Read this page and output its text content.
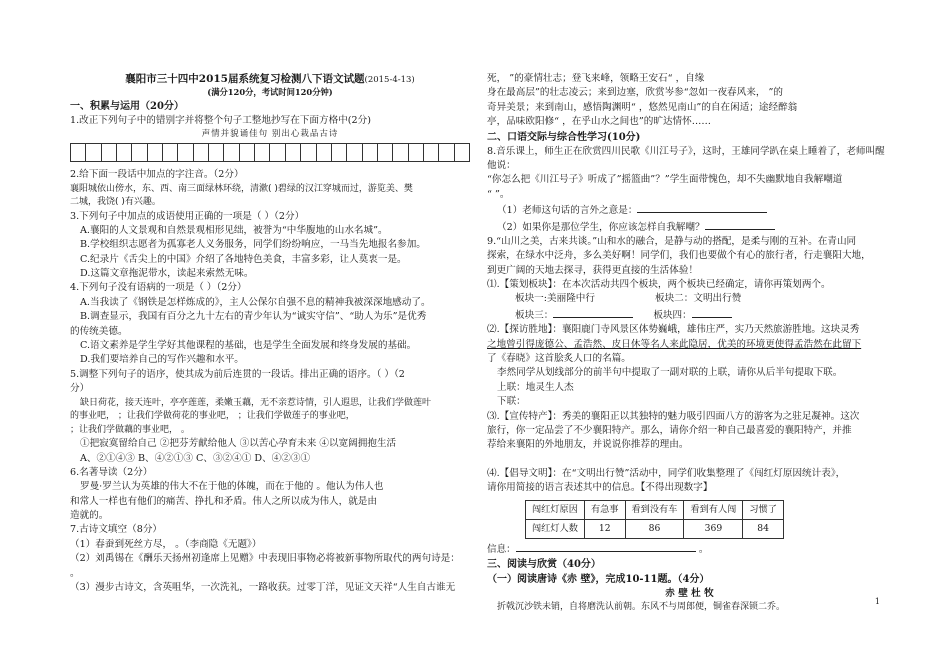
襄阳市三十四中2015届系统复习检测八下语文试题(2015-4-13)
(满分120分，考试时间120分钟)
一、积累与运用（20分）
1.改正下列句子中的错别字并将整个句子工整地抄写在下面方格中(2分)
声情并貌诵佳句 别出心栽品古诗
2.给下面一段话中加点的字注音。（2分）
襄阳城依山傍水，东、西、南三面绿林环绕，清漱( )碧绿的汉江穿城而过，游览美、樊
二城，我饶( )有兴趣。
3.下列句子中加点的成语使用正确的一项是（ ）（2分）
A.襄阳的人文景观和自然景观相形见绌，被誉为“中华腹地的山水名城”。
B.学校组织志愿者为孤寡老人义务服务，同学们纷纷响应，一马当先地报名参加。
C.纪录片《舌尖上的中国》介绍了各地特色美食，丰富多彩，让人莫衷一是。
D.这篇文章拖泥带水，读起来索然无味。
4.下列句子没有语病的一项是（ ）（2分）
A.当我读了《钢铁是怎样炼成的》，主人公保尔自强不息的精神我被深深地感动了。
B.调查显示，我国有百分之九十左右的青少年认为“诚实守信”、“助人为乐”是优秀
的传统美德。
C.语文素养是学生学好其他课程的基础，也是学生全面发展和终身发展的基础。
D.我们要培养自己的写作兴趣和水平。
5.调整下列句子的语序，使其成为前后连贯的一段话。排出正确的语序。（ ）（2
分）
缺日荷花，接天连叶，亭亭莲莲，柔嫩玉藕，无不亲惹诗情，引人遐思，让我们学做莲叶
的事业吧， ；让我们学做荷花的事业吧， ；让我们学做莲子的事业吧，
；让我们学做藕的事业吧， 。
①把寂寞留给自己 ②把芬芳献给他人 ③以苦心孕育未来 ④以宽阔拥抱生活
A、②①④③ B、④②①③ C、③②④① D、④②③①
6.名著导读（2分）
罗曼·罗兰认为英雄的伟大不在于他的体魄，而在于他的 。他认为伟人也
和常人一样也有他们的痛苦、挣扎和矛盾。伟人之所以成为伟人，就是由
造就的。
7.古诗文填空（8分）
（1）春蚕到死丝方尽， 。（李商隐《无题》）
（2）刘禹锡在《酬乐天扬州初逢席上见赠》中表现旧事物必将被新事物所取代的两句诗是：
。
（3）漫步古诗文，含英咀华，一次洗礼，一路收获。过零丁洋，见证文天祥“人生自古谁无
死， ”的豪情壮志；登飞来峰，领略王安石“ ，自缘
身在最高层”的壮志凌云；来到边塞，欣赏岑参“忽如一夜春风来， ”的
奇异美景；来到南山，感悟陶渊明“ ，悠然见南山”的自在闲适；途经醉翁
亭，品味欧阳修“ ，在乎山水之间也”的旷达情怀……
二、口语交际与综合性学习(10分)
8.音乐课上，师生正在欣赏四川民歌《川江号子》，这时，王雄同学趴在桌上睡着了，老师叫醒他说：
“你怎么把《川江号子》听成了”摇篮曲”？”学生面带愧色，却不失幽默地自我解嘲道
“ ”。
（1）老师这句话的言外之意是：
（2）如果你是那位学生，你应该怎样自我解嘲？
9.“山川之美，古来共谈。”山和水的融合，是静与动的搭配，是柔与刚的互补。在青山同
探索，在绿水中泛舟，多么美好啊！同学们，我们也要做个有心的旅行者，行走襄阳大地，
到更广阔的天地去探寻，获得更直接的生活体验！
⑴.【策划板块】：在本次活动共四个板块，两个板块已经确定，请你再策划两个。
板块一:美丽隆中行	板块二：文明出行赞
板块三：	板块四：
⑵.【探访胜地】：襄阳鹿门寺风景区体势巍峨，雄伟庄严，实乃天然旅游胜地。这块灵秀
之地曾引得庞德公、孟浩然、皮日休等名人来此隐居，优美的环境更使得孟浩然在此留下
了《春晓》这首脍炙人口的名篇。
李然同学从划线部分的前半句中提取了一副对联的上联，请你从后半句提取下联。
上联：地灵生人杰
下联：
⑶.【宣传特产】：秀美的襄阳正以其独特的魅力吸引四面八方的游客为之驻足凝神。这次
旅行，你一定品尝了不少襄阳特产。那么，请你介绍一种自己最喜爱的襄阳特产，并推
荐给来襄阳的外地朋友，并说说你推荐的理由。
⑷.【倡导文明】：在“文明出行赞”活动中，同学们收集整理了《闯红灯原因统计表》，
请你用简接的语言表述其中的信息。【不得出现数字】
闯红灯原因	有急事	看到没有车	看到有人闯	习惯了
闯红灯人数	12	86	369	84
信息：	。
三、阅读与欣赏（40分）
（一）阅读唐诗《赤 壁》，完成10-11题。（4分）
赤 壁 杜 牧
折戟沉沙铁未销，自将磨洗认前朝。东风不与周郎便，铜雀春深锁二乔。
1
